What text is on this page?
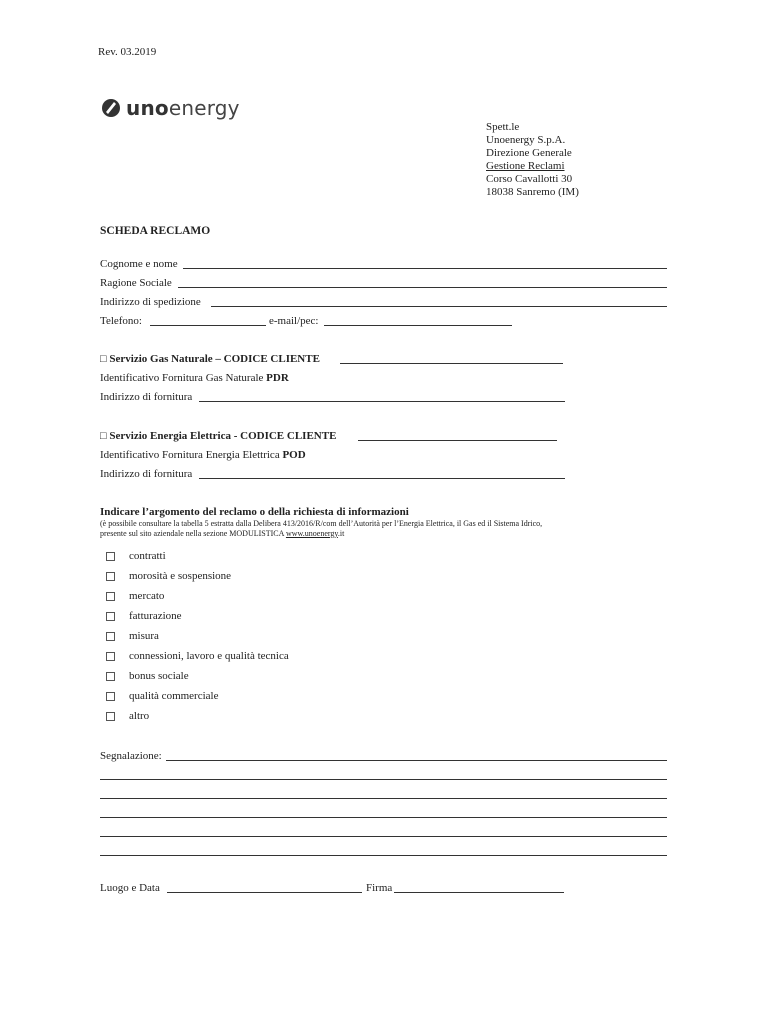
Rev. 03.2019
unoenergy
Spett.le
Unoenergy S.p.A.
Direzione Generale
Gestione Reclami
Corso Cavallotti 30
18038 Sanremo (IM)
SCHEDA RECLAMO
Cognome e nome
Ragione Sociale
Indirizzo di spedizione
Telefono:	e-mail/pec:
□ Servizio Gas Naturale – CODICE CLIENTE
Identificativo Fornitura Gas Naturale PDR
Indirizzo di fornitura
□ Servizio Energia Elettrica - CODICE CLIENTE
Identificativo Fornitura Energia Elettrica POD
Indirizzo di fornitura
Indicare l’argomento del reclamo o della richiesta di informazioni
(è possibile consultare la tabella 5 estratta dalla Delibera 413/2016/R/com dell’Autorità per l’Energia Elettrica, il Gas ed il Sistema Idrico,
presente sul sito aziendale nella sezione MODULISTICA www.unoenergy.it
contratti
morosità e sospensione
mercato
fatturazione
misura
connessioni, lavoro e qualità tecnica
bonus sociale
qualità commerciale
altro
Segnalazione:
Luogo e Data	Firma
